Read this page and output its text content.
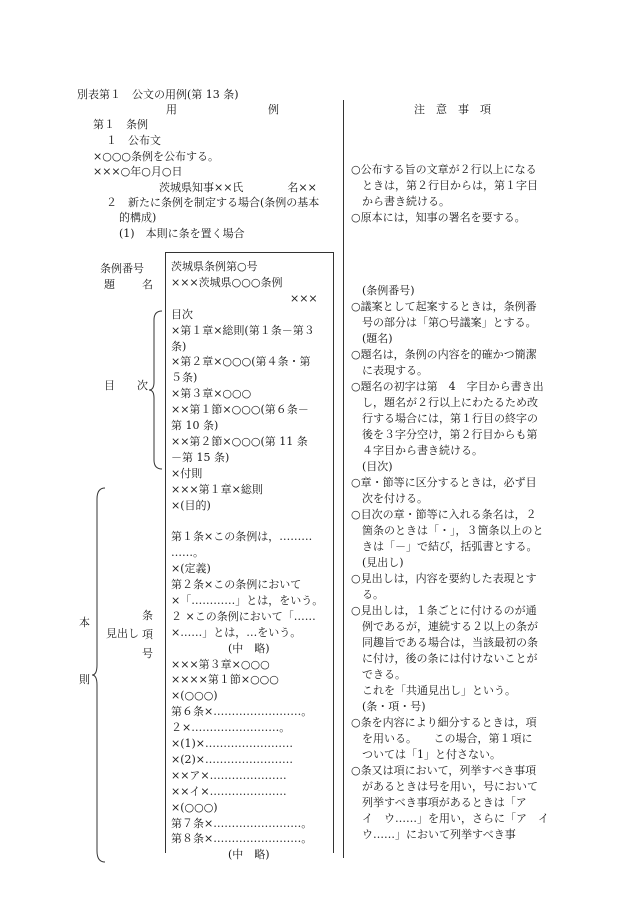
別表第１　公文の用例(第 13 条)
用	例	注　意　事　項
第１　条例
１　公布文
×○○○条例を公布する。
×××○年○月○日
茨城県知事××氏　　　　名××
２　新たに条例を制定する場合(条例の基本
的構成)
(1)　本則に条を置く場合
○公布する旨の文章が２行以上になる
ときは，第２行目からは，第１字目
から書き続ける。
○原本には，知事の署名を要する。
条例番号
題 名
目 次
本
則
見出し
条
項
号
茨城県条例第○号
×××茨城県○○○条例
×××
目次
×第１章×総則(第１条－第３
条)
×第２章×○○○(第４条・第
５条)
×第３章×○○○
××第１節×○○○(第６条－
第 10 条)
××第２節×○○○(第 11 条
－第 15 条)
×付則
×××第１章×総則
×(目的)
第１条×この条例は，………
……。
×(定義)
第２条×この条例において
×「…………」とは，をいう。
２ ×この条例において「……
×……」とは，…をいう。
(中　略)
×××第３章×○○○
××××第１節×○○○
×(○○○)
第６条×……………………。
２×……………………。
×(1)×……………………
×(2)×……………………
××ア×…………………
××イ×…………………
×(○○○)
第７条×……………………。
第８条×……………………。
(中　略)
(条例番号)
○議案として起案するときは，条例番
号の部分は「第○号議案」とする。
(題名)
○題名は，条例の内容を的確かつ簡潔
に表現する。
○題名の初字は第　4　字目から書き出
し，題名が２行以上にわたるため改
行する場合には，第１行目の終字の
後を３字分空け，第２行目からも第
４字目から書き続ける。
(目次)
○章・節等に区分するときは，必ず目
次を付ける。
○目次の章・節等に入れる条名は，２
箇条のときは「・」，３箇条以上のと
きは「－」で結び，括弧書とする。
(見出し)
○見出しは，内容を要約した表現とす
る。
○見出しは，１条ごとに付けるのが通
例であるが，連続する２以上の条が
同趣旨である場合は，当該最初の条
に付け，後の条には付けないことが
できる。
これを「共通見出し」という。
(条・項・号)
○条を内容により細分するときは，項
を用いる。　　この場合，第１項に
ついては「1」と付さない。
○条又は項において，列挙すべき事項
があるときは号を用い，号において
列挙すべき事項があるときは「ア
イ　ウ……」を用い，さらに「ア　イ
ウ……」において列挙すべき事
